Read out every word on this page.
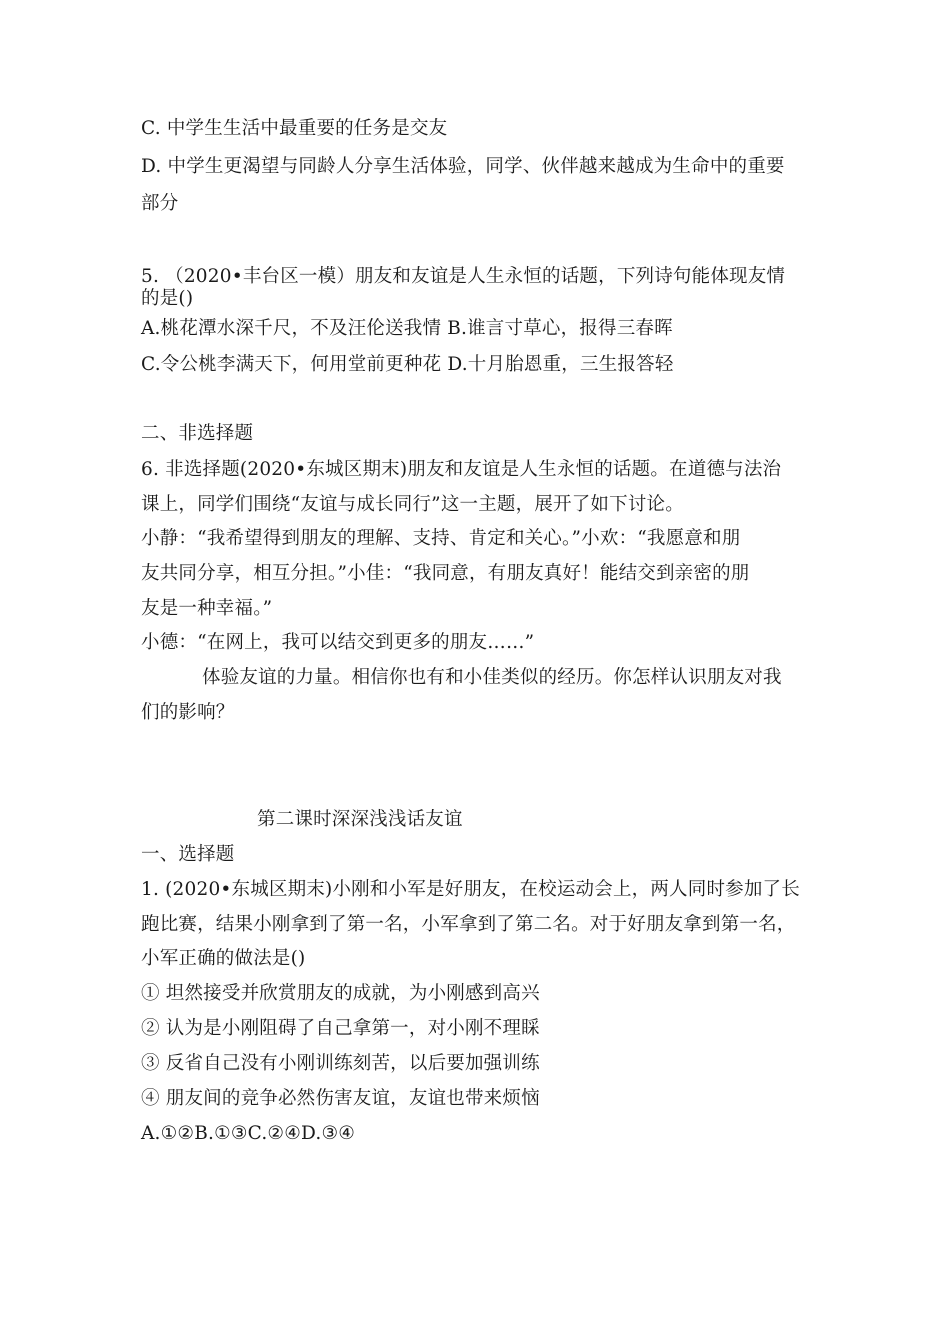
C. 中学生生活中最重要的任务是交友
D. 中学生更渴望与同龄人分享生活体验，同学、伙伴越来越成为生命中的重要
部分
5. （2020•丰台区一模）朋友和友谊是人生永恒的话题，下列诗句能体现友情
的是()
A.桃花潭水深千尺，不及汪伦送我情 B.谁言寸草心，报得三春晖
C.令公桃李满天下，何用堂前更种花 D.十月胎恩重，三生报答轻
二、非选择题
6. 非选择题(2020•东城区期末)朋友和友谊是人生永恒的话题。在道德与法治
课上，同学们围绕“友谊与成长同行”这一主题，展开了如下讨论。
小静：“我希望得到朋友的理解、支持、肯定和关心。”小欢：“我愿意和朋
友共同分享，相互分担。”小佳：“我同意，有朋友真好！能结交到亲密的朋
友是一种幸福。”
小德：“在网上，我可以结交到更多的朋友……”
体验友谊的力量。相信你也有和小佳类似的经历。你怎样认识朋友对我
们的影响？
第二课时深深浅浅话友谊
一、选择题
1. (2020•东城区期末)小刚和小军是好朋友，在校运动会上，两人同时参加了长
跑比赛，结果小刚拿到了第一名，小军拿到了第二名。对于好朋友拿到第一名，
小军正确的做法是()
① 坦然接受并欣赏朋友的成就，为小刚感到高兴
② 认为是小刚阻碍了自己拿第一，对小刚不理睬
③ 反省自己没有小刚训练刻苦，以后要加强训练
④ 朋友间的竞争必然伤害友谊，友谊也带来烦恼
A.①②B.①③C.②④D.③④
